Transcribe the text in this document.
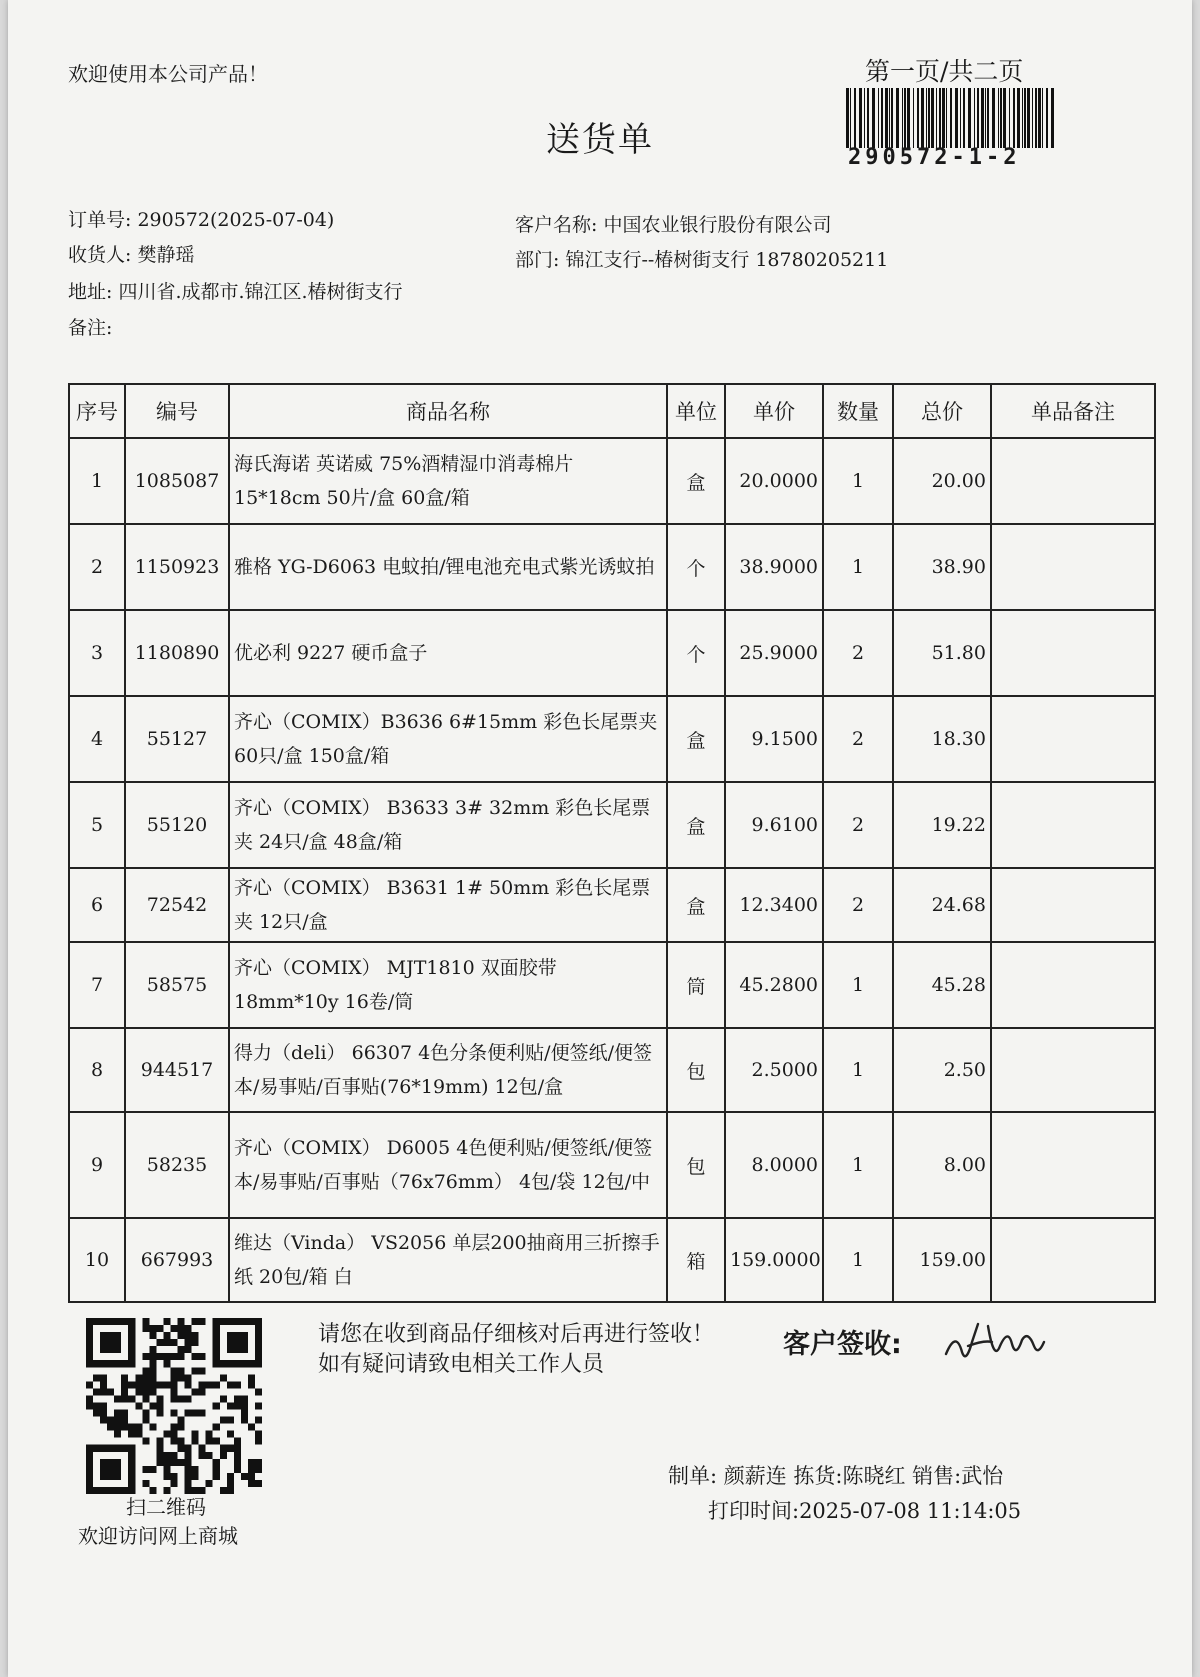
欢迎使用本公司产品！	第一页/共二页
290572-1-2
送货单
订单号: 290572(2025-07-04)
收货人: 樊静瑶
地址: 四川省.成都市.锦江区.椿树街支行
备注:
客户名称: 中国农业银行股份有限公司
部门: 锦江支行--椿树街支行 18780205211
序号	编号	商品名称	单位	单价	数量	总价	单品备注
1	1085087	海氏海诺 英诺威 75%酒精湿巾消毒棉片 15*18cm 50片/盒 60盒/箱	盒	20.0000	1	20.00	
2	1150923	雅格 YG-D6063 电蚊拍/锂电池充电式紫光诱蚊拍	个	38.9000	1	38.90	
3	1180890	优必利 9227 硬币盒子	个	25.9000	2	51.80	
4	55127	齐心（COMIX）B3636 6#15mm 彩色长尾票夹 60只/盒 150盒/箱	盒	9.1500	2	18.30	
5	55120	齐心（COMIX） B3633 3# 32mm 彩色长尾票夹 24只/盒 48盒/箱	盒	9.6100	2	19.22	
6	72542	齐心（COMIX） B3631 1# 50mm 彩色长尾票夹 12只/盒	盒	12.3400	2	24.68	
7	58575	齐心（COMIX） MJT1810 双面胶带 18mm*10y 16卷/筒	筒	45.2800	1	45.28	
8	944517	得力（deli） 66307 4色分条便利贴/便签纸/便签本/易事贴/百事贴(76*19mm) 12包/盒	包	2.5000	1	2.50	
9	58235	齐心（COMIX） D6005 4色便利贴/便签纸/便签本/易事贴/百事贴（76x76mm） 4包/袋 12包/中	包	8.0000	1	8.00	
10	667993	维达（Vinda） VS2056 单层200抽商用三折擦手纸 20包/箱 白	箱	159.0000	1	159.00	
扫二维码
欢迎访问网上商城
请您在收到商品仔细核对后再进行签收！如有疑问请致电相关工作人员
客户签收:
制单: 颜薪连 拣货:陈晓红 销售:武怡
打印时间:2025-07-08 11:14:05
